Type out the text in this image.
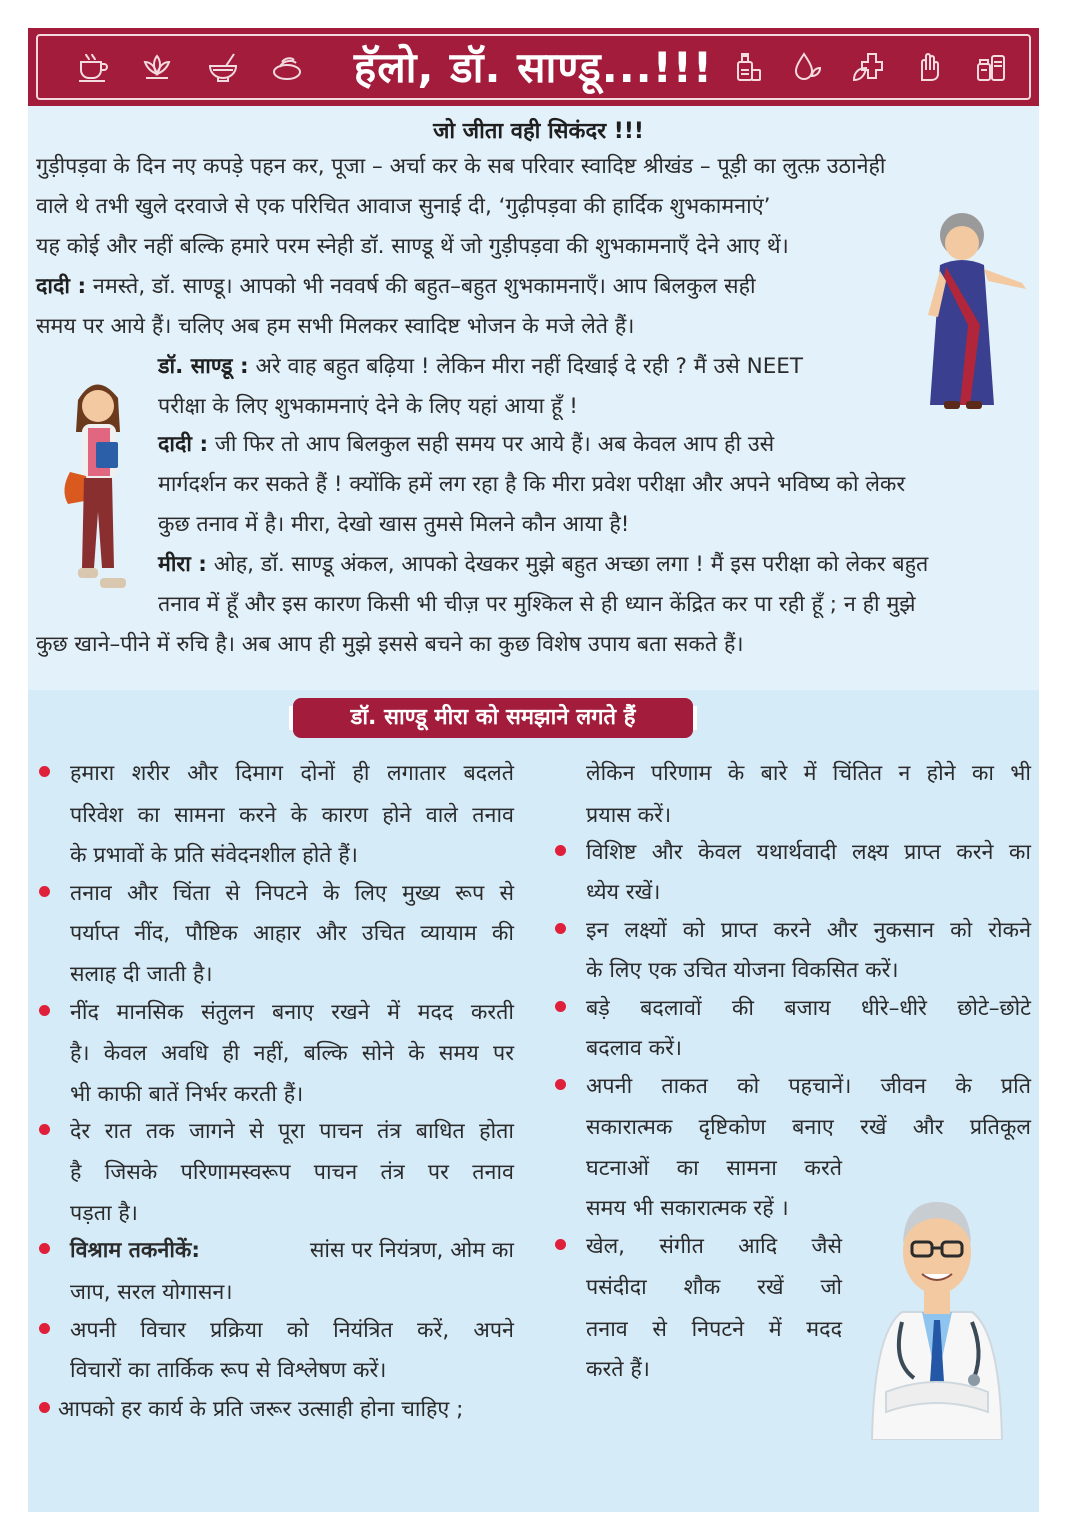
हॅलो, डॉ. साण्डू...!!!
जो जीता वही सिकंदर !!!
गुड़ीपड़वा के दिन नए कपड़े पहन कर, पूजा – अर्चा कर के सब परिवार स्वादिष्ट श्रीखंड – पूड़ी का लुत्फ़ उठानेही
वाले थे तभी खुले दरवाजे से एक परिचित आवाज सुनाई दी, ‘गुढ़ीपड़वा की हार्दिक शुभकामनाएं’
यह कोई और नहीं बल्कि हमारे परम स्नेही डॉ. साण्डू थें जो गुड़ीपड़वा की शुभकामनाएँ देने आए थें।
दादी : नमस्ते, डॉ. साण्डू। आपको भी नववर्ष की बहुत–बहुत शुभकामनाएँ। आप बिलकुल सही
समय पर आये हैं। चलिए अब हम सभी मिलकर स्वादिष्ट भोजन के मजे लेते हैं।
डॉ. साण्डू : अरे वाह बहुत बढ़िया ! लेकिन मीरा नहीं दिखाई दे रही ? मैं उसे NEET
परीक्षा के लिए शुभकामनाएं देने के लिए यहां आया हूँ !
दादी : जी फिर तो आप बिलकुल सही समय पर आये हैं। अब केवल आप ही उसे
मार्गदर्शन कर सकते हैं ! क्योंकि हमें लग रहा है कि मीरा प्रवेश परीक्षा और अपने भविष्य को लेकर
कुछ तनाव में है। मीरा, देखो खास तुमसे मिलने कौन आया है!
मीरा : ओह, डॉ. साण्डू अंकल, आपको देखकर मुझे बहुत अच्छा लगा ! मैं इस परीक्षा को लेकर बहुत
तनाव में हूँ और इस कारण किसी भी चीज़ पर मुश्किल से ही ध्यान केंद्रित कर पा रही हूँ ; न ही मुझे
कुछ खाने–पीने में रुचि है। अब आप ही मुझे इससे बचने का कुछ विशेष उपाय बता सकते हैं।
डॉ. साण्डू मीरा को समझाने लगते हैं
हमारा शरीर और दिमाग दोनों ही लगातार बदलते
परिवेश का सामना करने के कारण होने वाले तनाव
के प्रभावों के प्रति संवेदनशील होते हैं।
तनाव और चिंता से निपटने के लिए मुख्य रूप से
पर्याप्त नींद, पौष्टिक आहार और उचित व्यायाम की
सलाह दी जाती है।
नींद मानसिक संतुलन बनाए रखने में मदद करती
है। केवल अवधि ही नहीं, बल्कि सोने के समय पर
भी काफी बातें निर्भर करती हैं।
देर रात तक जागने से पूरा पाचन तंत्र बाधित होता
है जिसके परिणामस्वरूप पाचन तंत्र पर तनाव
पड़ता है।
विश्राम तकनीकें:	सांस पर नियंत्रण, ओम का
जाप, सरल योगासन।
अपनी विचार प्रक्रिया को नियंत्रित करें, अपने
विचारों का तार्किक रूप से विश्लेषण करें।
आपको हर कार्य के प्रति जरूर उत्साही होना चाहिए ;
लेकिन परिणाम के बारे में चिंतित न होने का भी
प्रयास करें।
विशिष्ट और केवल यथार्थवादी लक्ष्य प्राप्त करने का
ध्येय रखें।
इन लक्ष्यों को प्राप्त करने और नुकसान को रोकने
के लिए एक उचित योजना विकसित करें।
बड़े बदलावों की बजाय धीरे–धीरे छोटे–छोटे
बदलाव करें।
अपनी ताकत को पहचानें। जीवन के प्रति
सकारात्मक दृष्टिकोण बनाए रखें और प्रतिकूल
घटनाओं का सामना करते
समय भी सकारात्मक रहें ।
खेल, संगीत आदि जैसे
पसंदीदा शौक रखें जो
तनाव से निपटने में मदद
करते हैं।
